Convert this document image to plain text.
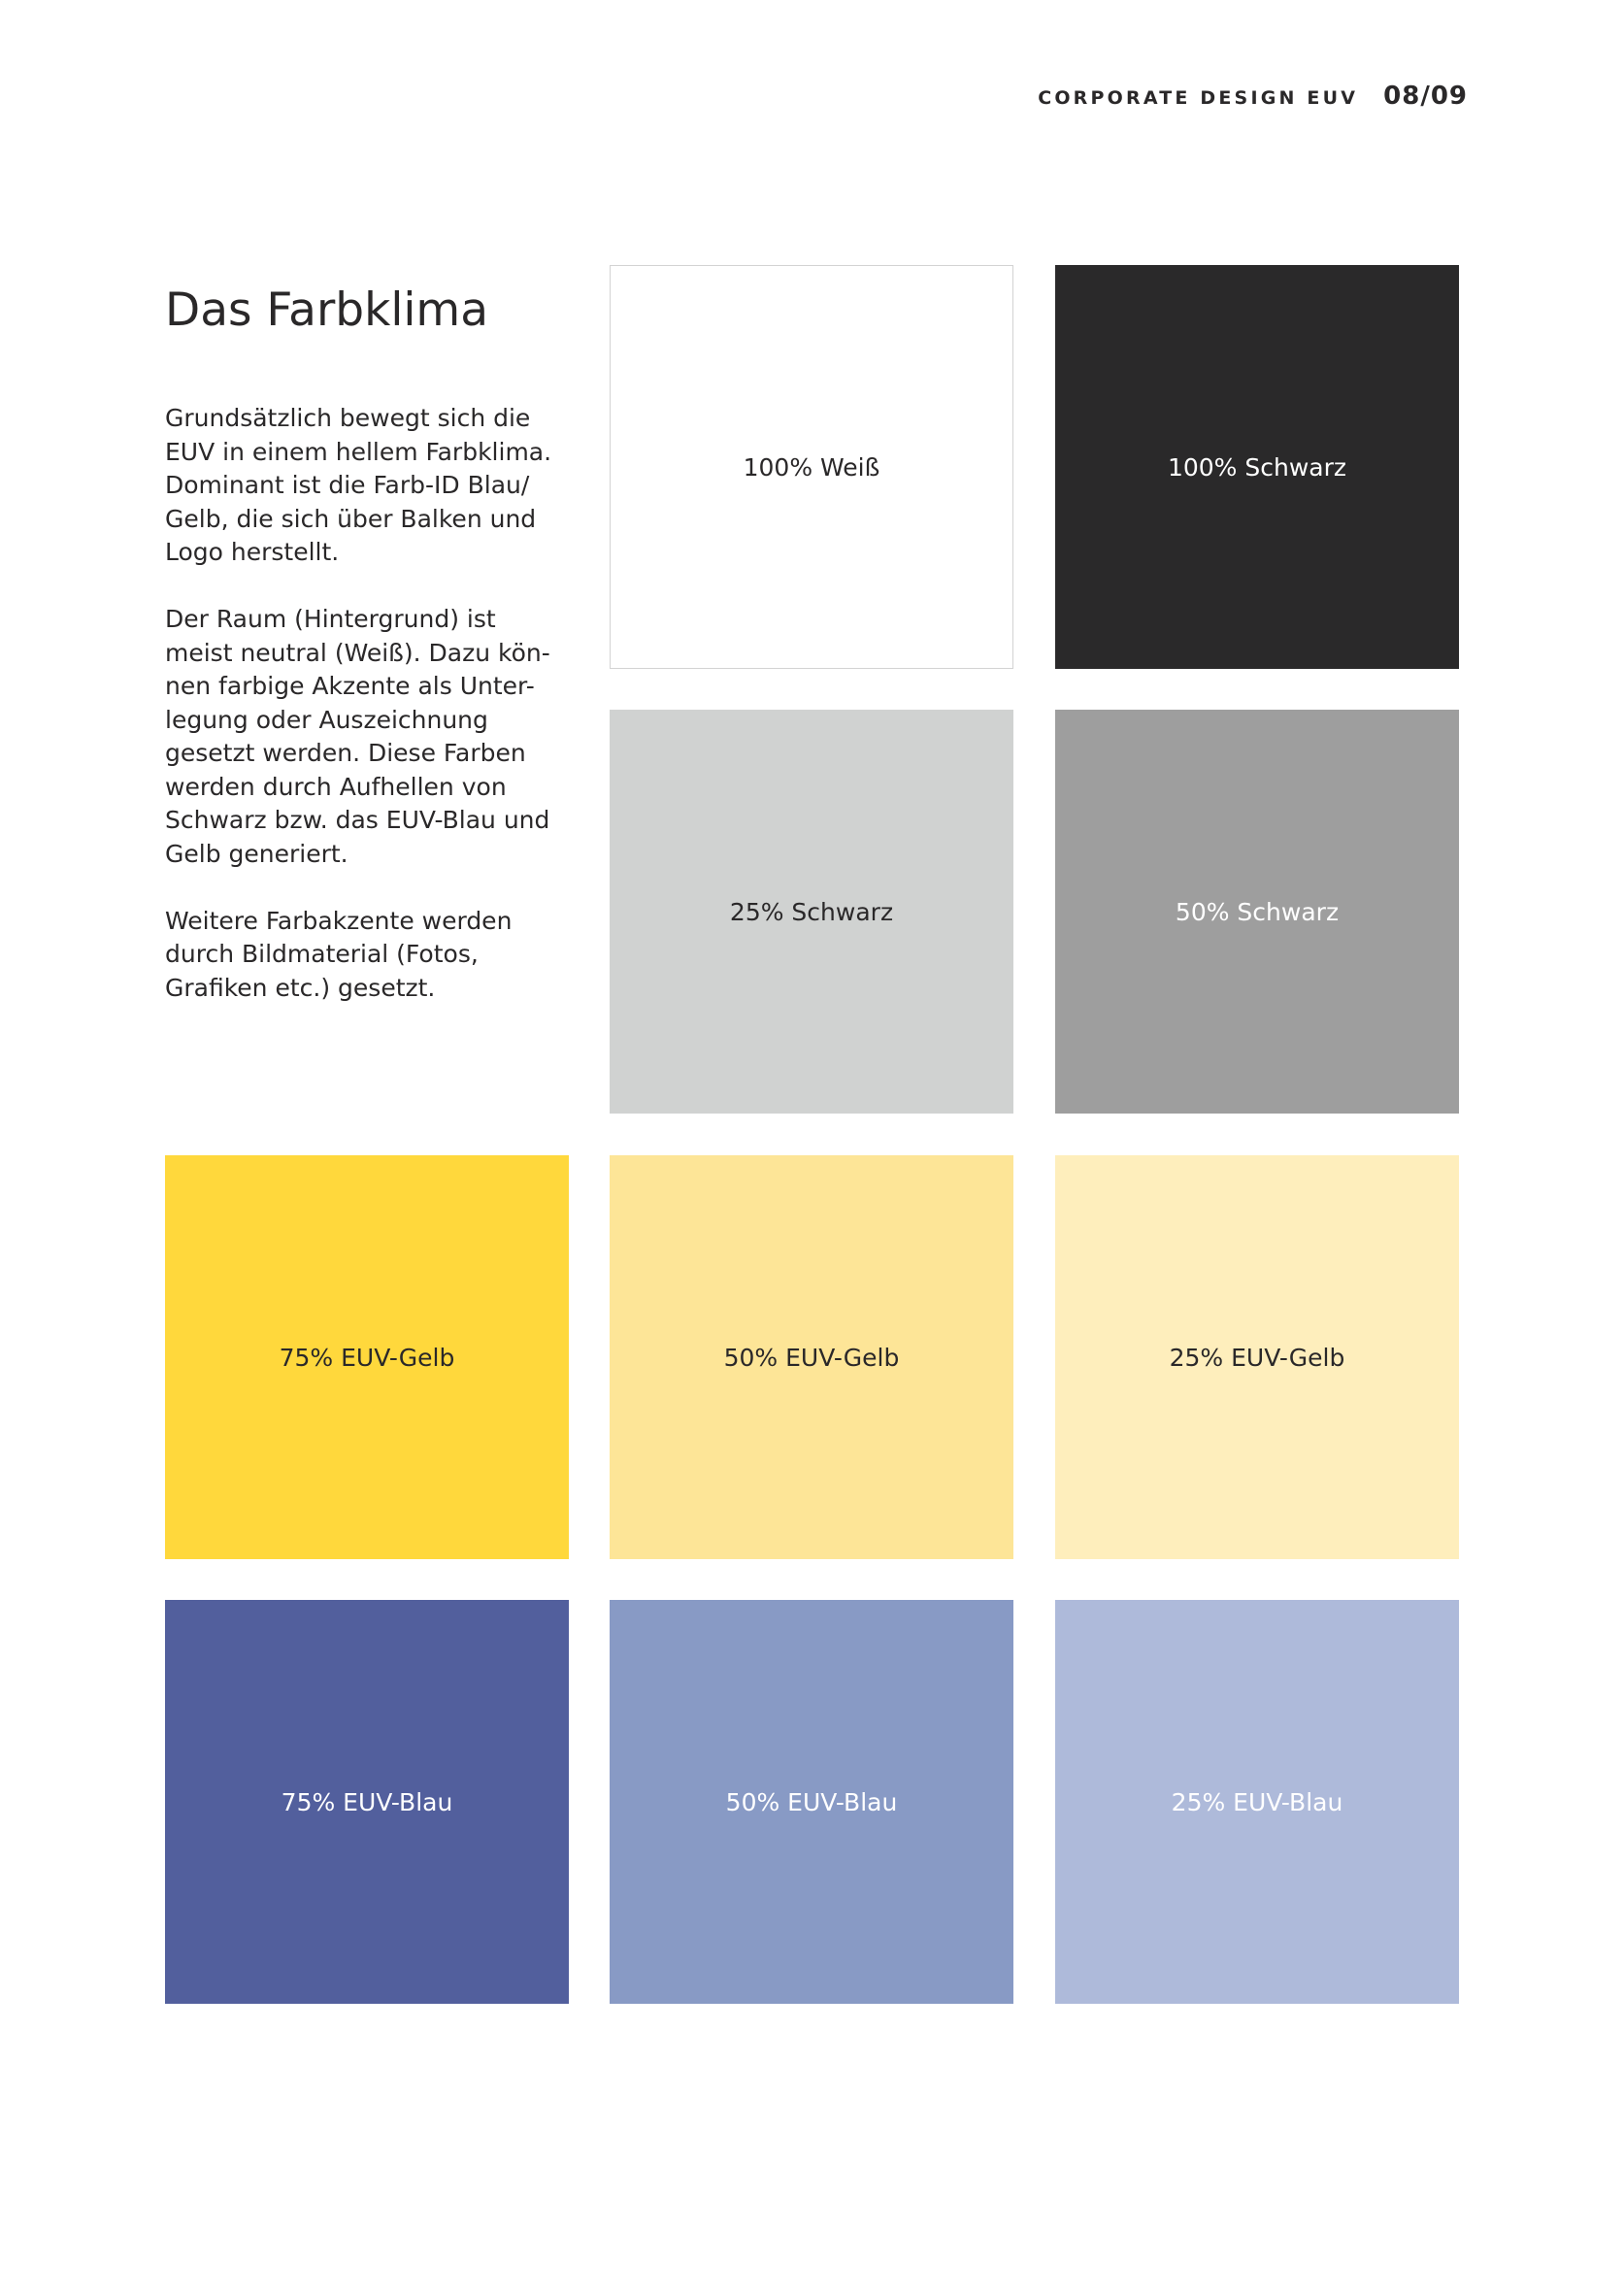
CORPORATE DESIGN EUV 08/09
Das Farbklima

Grundsätzlich bewegt sich die
EUV in einem hellem Farbklima.
Dominant ist die Farb-ID Blau/
Gelb, die sich über Balken und
Logo herstellt.

Der Raum (Hintergrund) ist
meist neutral (Weiß). Dazu kön-
nen farbige Akzente als Unter-
legung oder Auszeichnung
gesetzt werden. Diese Farben
werden durch Aufhellen von
Schwarz bzw. das EUV-Blau und
Gelb generiert.

Weitere Farbakzente werden
durch Bildmaterial (Fotos,
Grafiken etc.) gesetzt.

100% Weiß	100% Schwarz
25% Schwarz	50% Schwarz
75% EUV-Gelb	50% EUV-Gelb	25% EUV-Gelb
75% EUV-Blau	50% EUV-Blau	25% EUV-Blau
